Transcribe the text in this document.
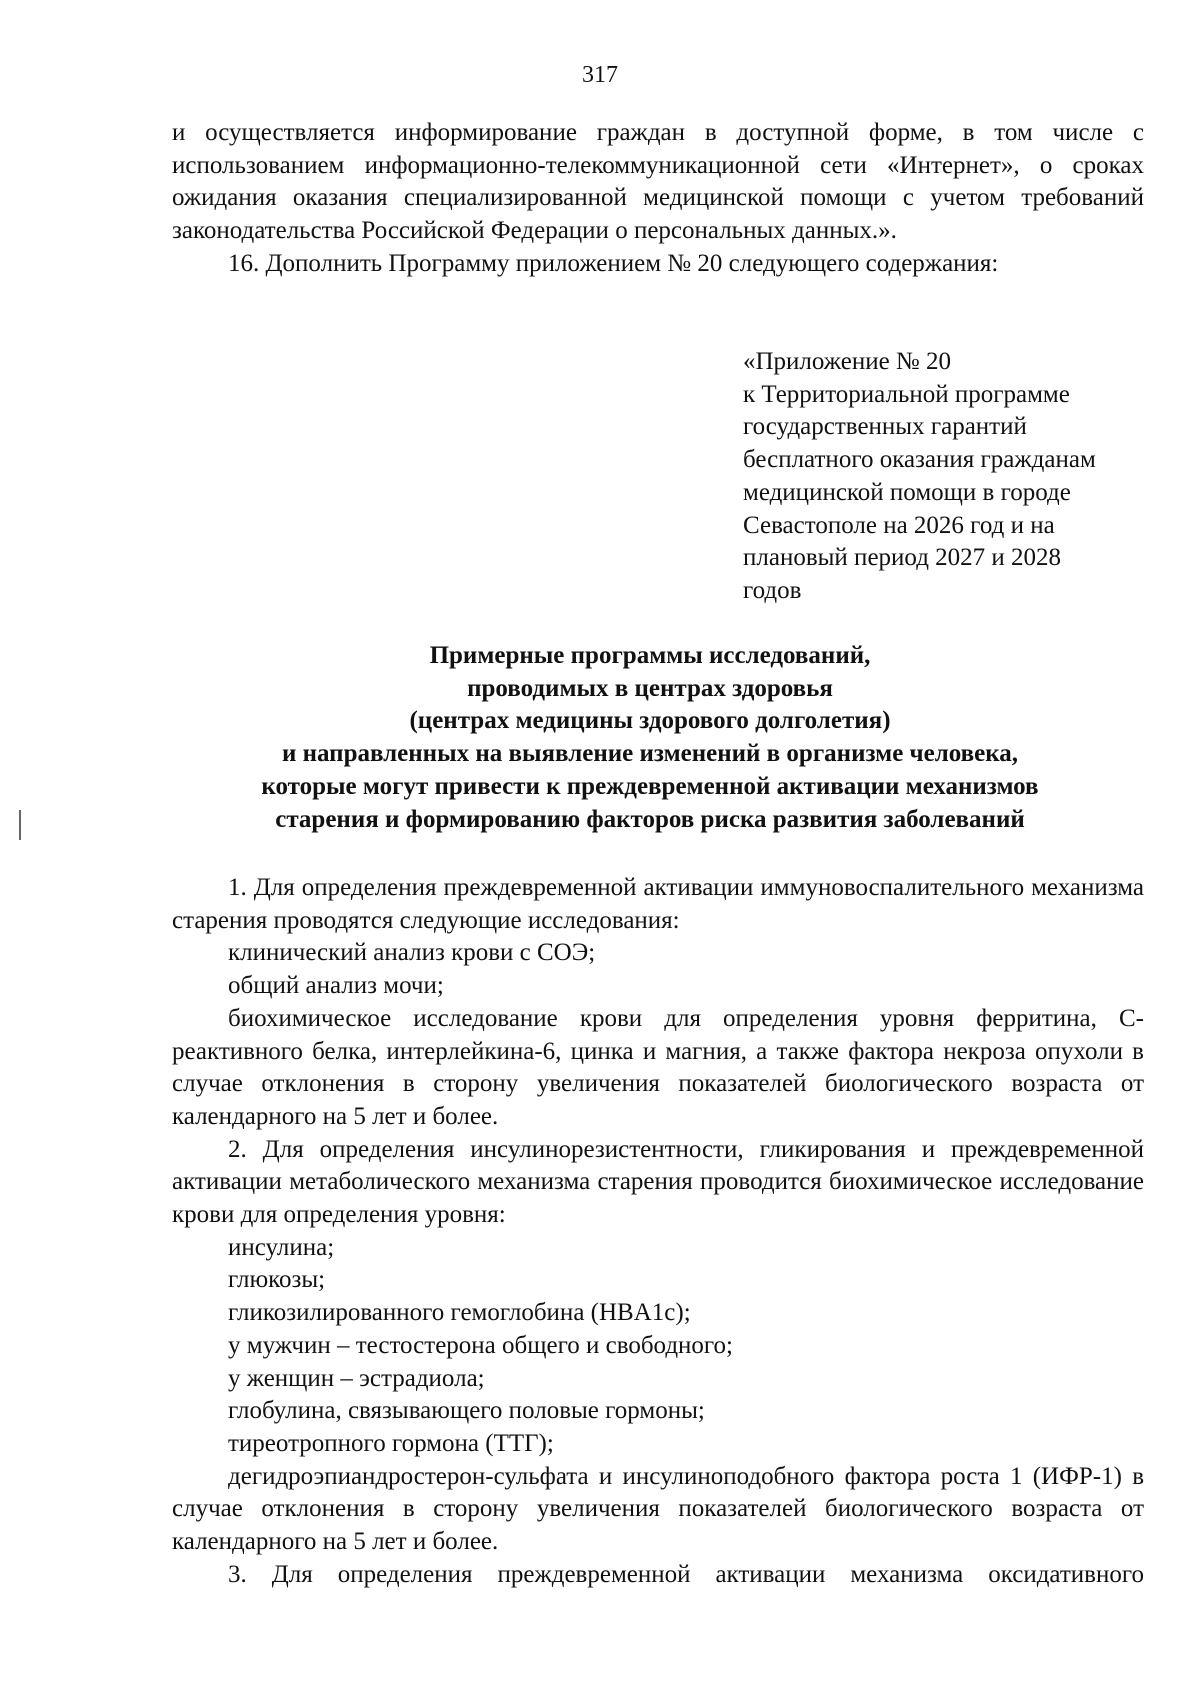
317

и осуществляется информирование граждан в доступной форме, в том числе с использованием информационно-телекоммуникационной сети «Интернет», о сроках ожидания оказания специализированной медицинской помощи с учетом требований законодательства Российской Федерации о персональных данных.».

16. Дополнить Программу приложением № 20 следующего содержания:

«Приложение № 20
к Территориальной программе
государственных гарантий
бесплатного оказания гражданам
медицинской помощи в городе
Севастополе на 2026 год и на
плановый период 2027 и 2028
годов
Примерные программы исследований,
проводимых в центрах здоровья
(центрах медицины здорового долголетия)
и направленных на выявление изменений в организме человека,
которые могут привести к преждевременной активации механизмов
старения и формированию факторов риска развития заболеваний

1. Для определения преждевременной активации иммуновоспалительного механизма старения проводятся следующие исследования:

клинический анализ крови с СОЭ;

общий анализ мочи;

биохимическое исследование крови для определения уровня ферритина, С-реактивного белка, интерлейкина-6, цинка и магния, а также фактора некроза опухоли в случае отклонения в сторону увеличения показателей биологического возраста от календарного на 5 лет и более.

2. Для определения инсулинорезистентности, гликирования и преждевременной активации метаболического механизма старения проводится биохимическое исследование крови для определения уровня:

инсулина;

глюкозы;

гликозилированного гемоглобина (HBA1c);

у мужчин – тестостерона общего и свободного;

у женщин – эстрадиола;

глобулина, связывающего половые гормоны;

тиреотропного гормона (ТТГ);

дегидроэпиандростерон-сульфата и инсулиноподобного фактора роста 1 (ИФР-1) в случае отклонения в сторону увеличения показателей биологического возраста от календарного на 5 лет и более.

3. Для определения преждевременной активации механизма оксидативного
